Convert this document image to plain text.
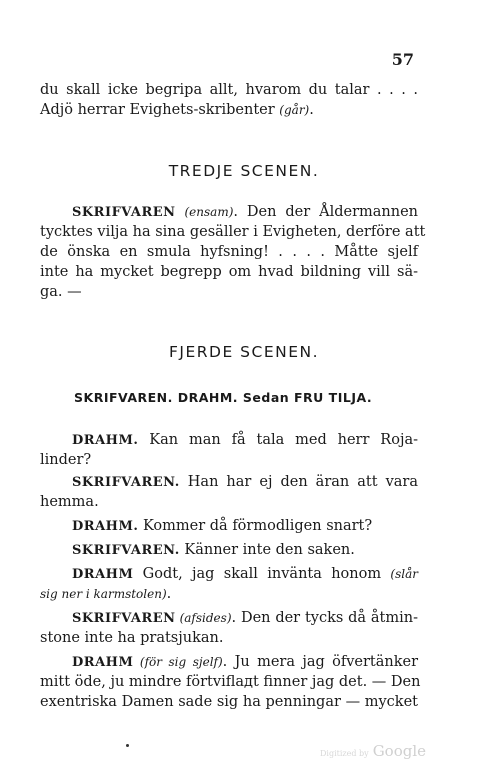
57
du skall icke begripa allt, hvarom du talar . . . .
Adjö herrar Evighets-skribenter (går).
TREDJE SCENEN.
SKRIFVAREN (ensam). Den der Åldermannen
tycktes vilja ha sina gesäller i Evigheten, derföre att
de önska en smula hyfsning! . . . . Måtte sjelf
inte ha mycket begrepp om hvad bildning vill sä-
ga. —
FJERDE SCENEN.
SKRIFVAREN. DRAHM. Sedan FRU TILJA.
DRAHM. Kan man få tala med herr Roja-
linder?
SKRIFVAREN. Han har ej den äran att vara
hemma.
DRAHM. Kommer då förmodligen snart?
SKRIFVAREN. Känner inte den saken.
DRAHM Godt, jag skall invänta honom (slår
sig ner i karmstolen).
SKRIFVAREN (afsides). Den der tycks då åtmin-
stone inte ha pratsjukan.
DRAHM (för sig sjelf). Ju mera jag öfvertänker
mitt öde, ju mindre förtviflадt finner jag det. — Den
exentriska Damen sade sig ha penningar — mycket
Digitized by Google
